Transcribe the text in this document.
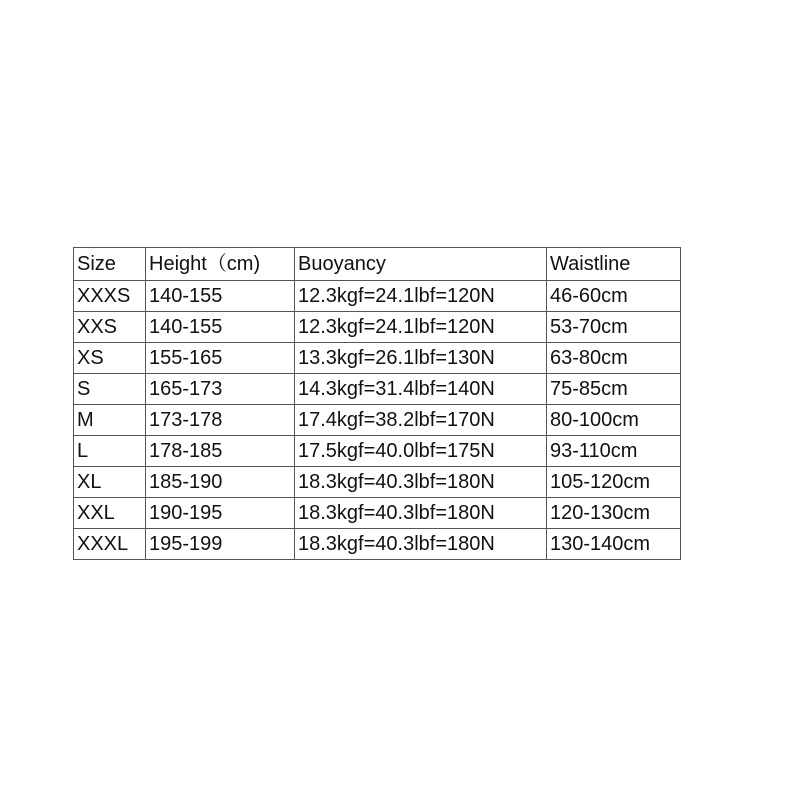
Size	Height（cm)	Buoyancy	Waistline
XXXS	140-155	12.3kgf=24.1lbf=120N	46-60cm
XXS	140-155	12.3kgf=24.1lbf=120N	53-70cm
XS	155-165	13.3kgf=26.1lbf=130N	63-80cm
S	165-173	14.3kgf=31.4lbf=140N	75-85cm
M	173-178	17.4kgf=38.2lbf=170N	80-100cm
L	178-185	17.5kgf=40.0lbf=175N	93-110cm
XL	185-190	18.3kgf=40.3lbf=180N	105-120cm
XXL	190-195	18.3kgf=40.3lbf=180N	120-130cm
XXXL	195-199	18.3kgf=40.3lbf=180N	130-140cm
